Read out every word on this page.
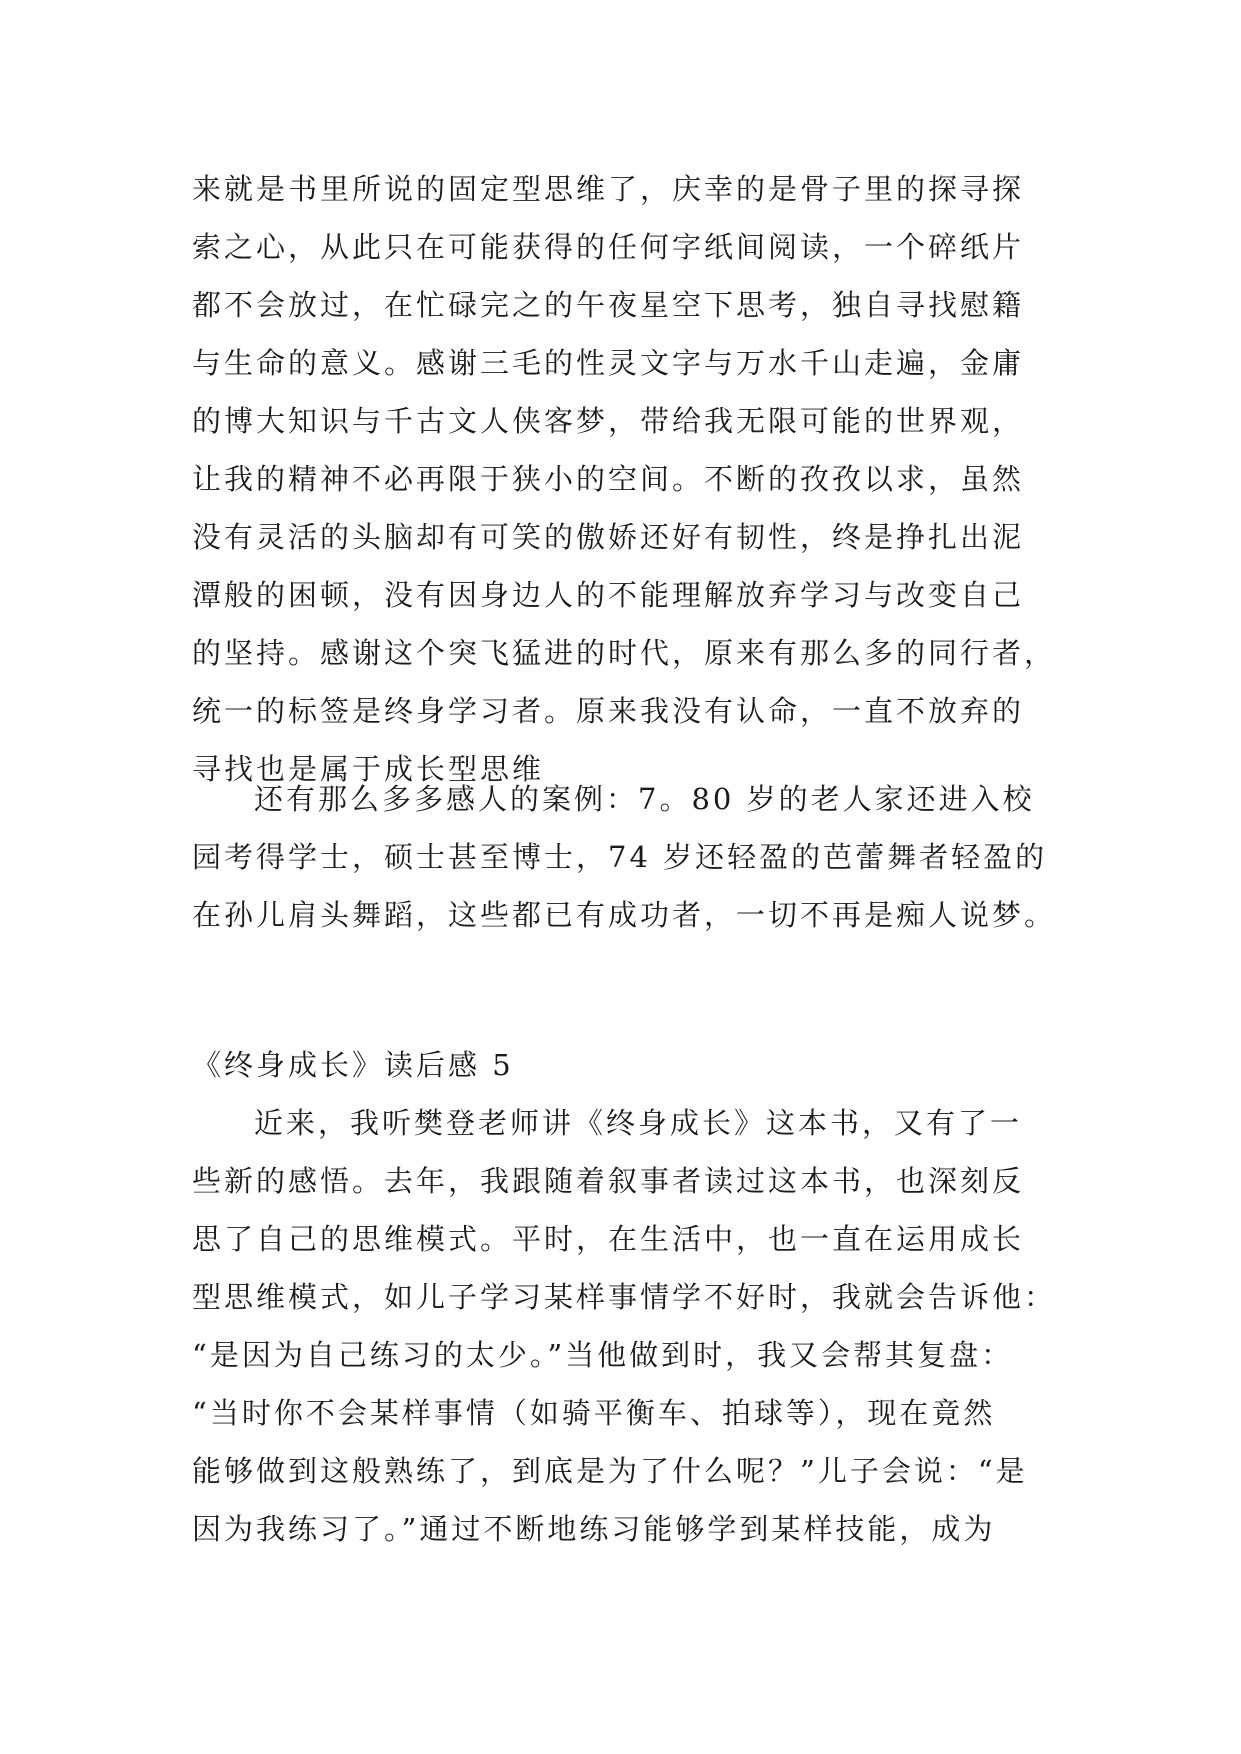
来就是书里所说的固定型思维了，庆幸的是骨子里的探寻探
索之心，从此只在可能获得的任何字纸间阅读，一个碎纸片
都不会放过，在忙碌完之的午夜星空下思考，独自寻找慰籍
与生命的意义。感谢三毛的性灵文字与万水千山走遍，金庸
的博大知识与千古文人侠客梦，带给我无限可能的世界观，
让我的精神不必再限于狭小的空间。不断的孜孜以求，虽然
没有灵活的头脑却有可笑的傲娇还好有韧性，终是挣扎出泥
潭般的困顿，没有因身边人的不能理解放弃学习与改变自己
的坚持。感谢这个突飞猛进的时代，原来有那么多的同行者，
统一的标签是终身学习者。原来我没有认命，一直不放弃的
寻找也是属于成长型思维
还有那么多多感人的案例：7。80 岁的老人家还进入校
园考得学士，硕士甚至博士，74 岁还轻盈的芭蕾舞者轻盈的
在孙儿肩头舞蹈，这些都已有成功者，一切不再是痴人说梦。
《终身成长》读后感 5
近来，我听樊登老师讲《终身成长》这本书，又有了一
些新的感悟。去年，我跟随着叙事者读过这本书，也深刻反
思了自己的思维模式。平时，在生活中，也一直在运用成长
型思维模式，如儿子学习某样事情学不好时，我就会告诉他：
“是因为自己练习的太少。”当他做到时，我又会帮其复盘：
“当时你不会某样事情（如骑平衡车、拍球等），现在竟然
能够做到这般熟练了，到底是为了什么呢？”儿子会说：“是
因为我练习了。”通过不断地练习能够学到某样技能，成为
